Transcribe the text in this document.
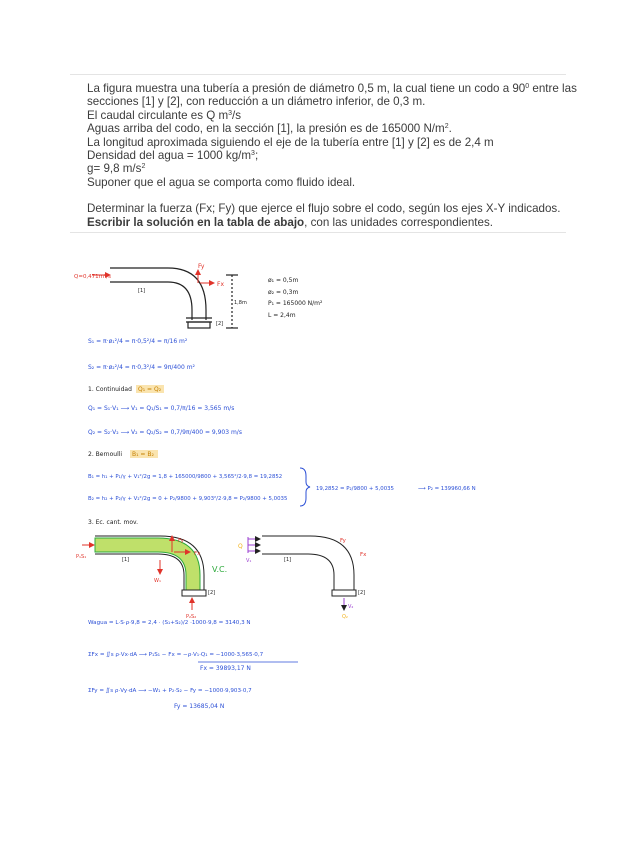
La figura muestra una tubería a presión de diámetro 0,5 m, la cual tiene un codo a $90^0$ entre las

secciones [1] y [2], con reducción a un diámetro inferior, de 0,3 m.

El caudal circulante es Q $m^3/s$

Aguas arriba del codo, en la sección [1], la presión es de 165000 $N/m^2$.

La longitud aproximada siguiendo el eje de la tubería entre [1] y [2] es de 2,4 m

Densidad del agua = 1000 $kg/m^3$;

g= 9,8 $m/s^2$

Suponer que el agua se comporta como fluido ideal.

Determinar la fuerza (Fx; Fy) que ejerce el flujo sobre el codo, según los ejes X-Y indicados.

Escribir la solución en la tabla de abajo, con las unidades correspondientes.

Q=0,471m³/s
Fy
Fx
[1]
[2]
1,8m
ø₁ = 0,5m
ø₂ = 0,3m
P₁ = 165000 N/m²
L = 2,4m
S₁ = π·ø₁²/4 = π·0,5²/4 = π/16 m²
S₂ = π·ø₂²/4 = π·0,3²/4 = 9π/400 m²
1. Continuidad Q₁ = Q₂
Q₁ = S₁·V₁ ⟶ V₁ = Q₁/S₁ = 0,7/π/16 = 3,565 m/s
Q₂ = S₂·V₂ ⟶ V₂ = Q₂/S₂ = 0,7/9π/400 = 9,903 m/s
2. Bernoulli B₁ = B₂
B₁ = h₁ + P₁/γ + V₁²/2g = 1,8 + 165000/9800 + 3,565²/2·9,8 = 19,2852
B₂ = h₂ + P₂/γ + V₂²/2g = 0 + P₂/9800 + 9,903²/2·9,8 = P₂/9800 + 5,0035
19,2852 = P₂/9800 + 5,0035	⟶ P₂ = 139960,66 N
3. Ec. cant. mov.
Fy
Fx
P₁S₁
W₁
P₂S₂
V.C.
[1]
[2]
Q
V₁
V₂
Q₂
Fy
Fx
[1]
[2]
Wagua = L·S·ρ·9,8 = 2,4 · (S₁+S₂)/2 ·1000·9,8 = 3140,3 N
ΣFx = ∬s ρ·Vx·dA ⟶ P₁S₁ − Fx = −ρ·V₁·Q₁ = −1000·3,565·0,7
Fx = 39893,17 N
ΣFy = ∬s ρ·Vy·dA ⟶ −W₁ + P₂·S₂ − Fy = −1000·9,903·0,7
Fy = 13685,04 N
